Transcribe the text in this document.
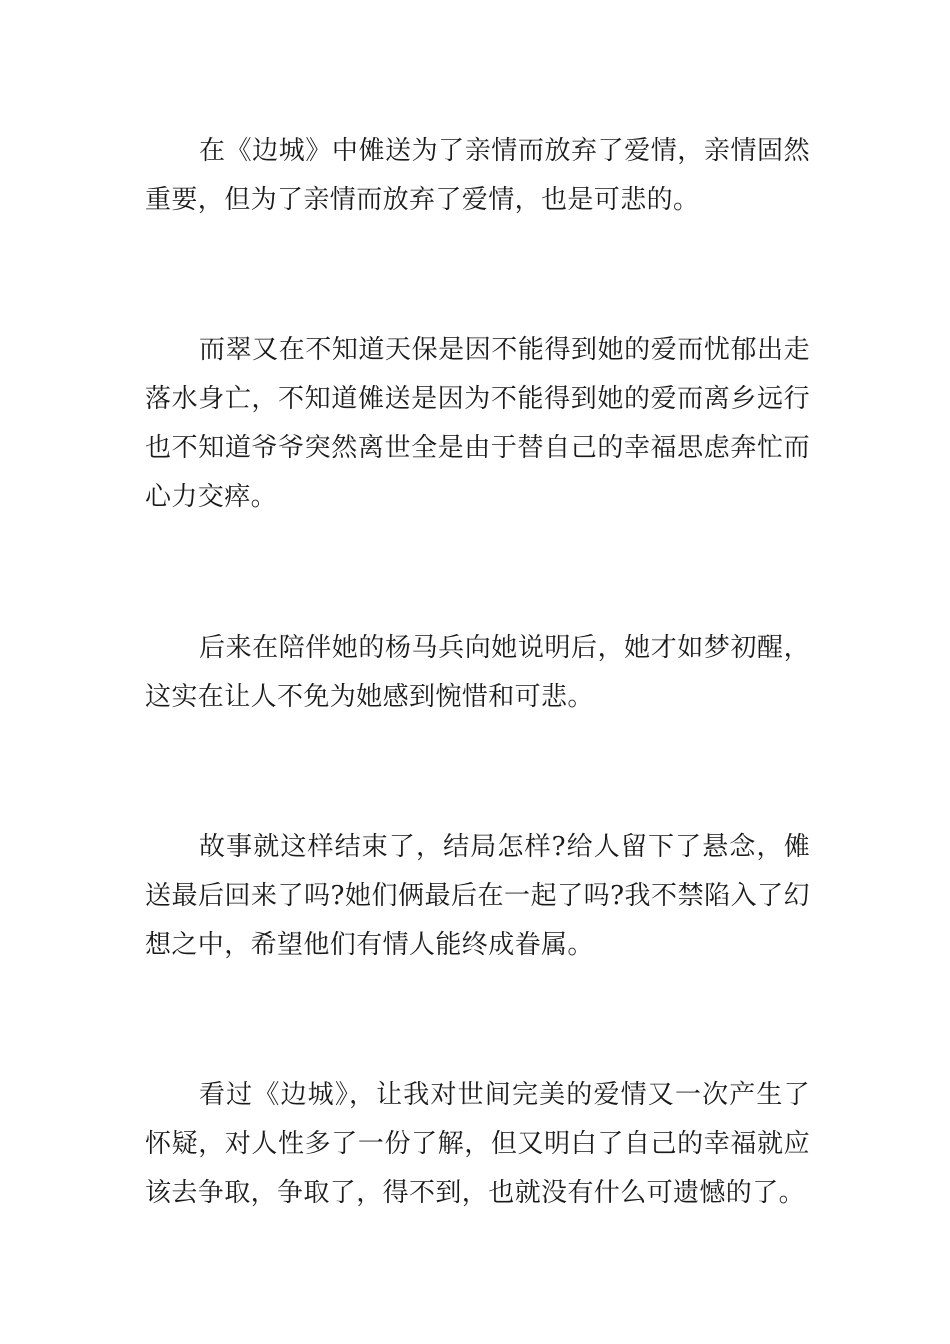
在《边城》中傩送为了亲情而放弃了爱情，亲情固然重要，但为了亲情而放弃了爱情，也是可悲的。

而翠又在不知道天保是因不能得到她的爱而忧郁出走落水身亡，不知道傩送是因为不能得到她的爱而离乡远行也不知道爷爷突然离世全是由于替自己的幸福思虑奔忙而心力交瘁。

后来在陪伴她的杨马兵向她说明后，她才如梦初醒，这实在让人不免为她感到惋惜和可悲。

故事就这样结束了，结局怎样?给人留下了悬念，傩送最后回来了吗?她们俩最后在一起了吗?我不禁陷入了幻想之中，希望他们有情人能终成眷属。

看过《边城》，让我对世间完美的爱情又一次产生了怀疑，对人性多了一份了解，但又明白了自己的幸福就应该去争取，争取了，得不到，也就没有什么可遗憾的了。
